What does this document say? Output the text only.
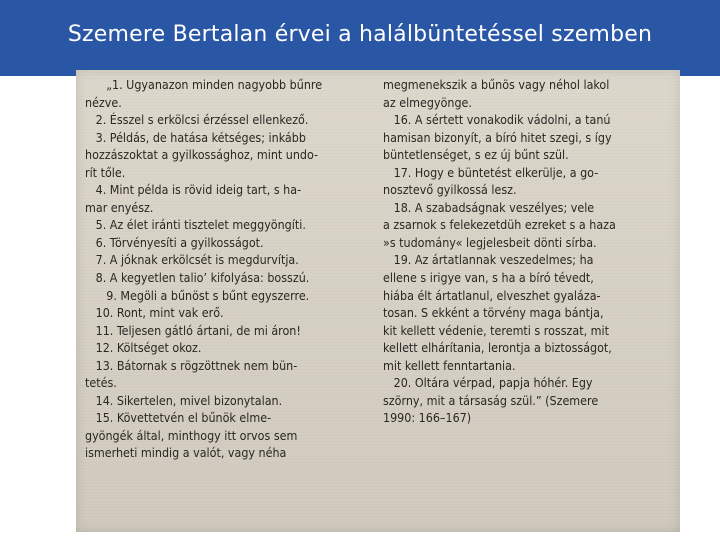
Szemere Bertalan érvei a halálbüntetéssel szemben
„1. Ugyanazon minden nagyobb bűnre
nézve.
2. Ésszel s erkölcsi érzéssel ellenkező.
3. Példás, de hatása kétséges; inkább
hozzászoktat a gyilkossághoz, mint undo-
rít tőle.
4. Mint példa is rövid ideig tart, s ha-
mar enyész.
5. Az élet iránti tisztelet meggyöngíti.
6. Törvényesíti a gyilkosságot.
7. A jóknak erkölcsét is megdurvítja.
8. A kegyetlen talio’ kifolyása: bosszú.
9. Megöli a bűnöst s bűnt egyszerre.
10. Ront, mint vak erő.
11. Teljesen gátló ártani, de mi áron!
12. Költséget okoz.
13. Bátornak s rögzöttnek nem bün-
tetés.
14. Sikertelen, mivel bizonytalan.
15. Követtetvén el bűnök elme-
gyöngék által, minthogy itt orvos sem
ismerheti mindig a valót, vagy néha
megmenekszik a bűnös vagy néhol lakol
az elmegyönge.
16. A sértett vonakodik vádolni, a tanú
hamisan bizonyít, a bíró hitet szegi, s így
büntetlenséget, s ez új bűnt szül.
17. Hogy e büntetést elkerülje, a go-
nosztevő gyilkossá lesz.
18. A szabadságnak veszélyes; vele
a zsarnok s felekezetdüh ezreket s a haza
»s tudomány« legjelesbeit dönti sírba.
19. Az ártatlannak veszedelmes; ha
ellene s irigye van, s ha a bíró tévedt,
hiába élt ártatlanul, elveszhet gyaláza-
tosan. S ekként a törvény maga bántja,
kit kellett védenie, teremti s rosszat, mit
kellett elhárítania, lerontja a biztosságot,
mit kellett fenntartania.
20. Oltára vérpad, papja hóhér. Egy
szörny, mit a társaság szül.” (Szemere
1990: 166–167)
